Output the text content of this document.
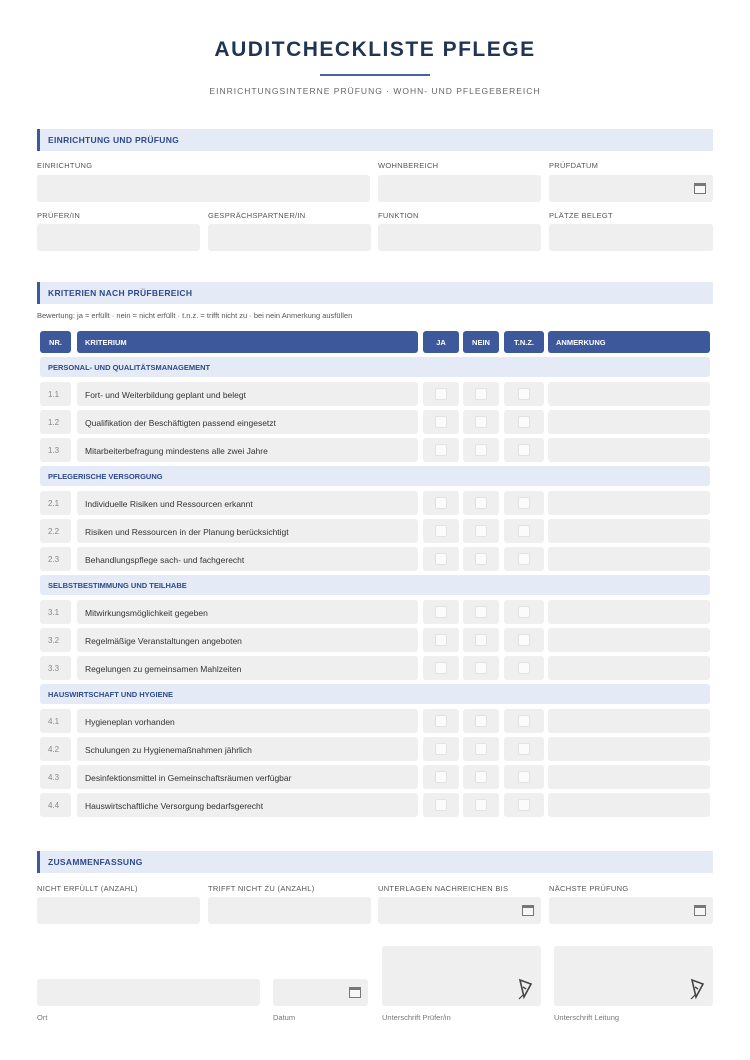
AUDITCHECKLISTE PFLEGE
EINRICHTUNGSINTERNE PRÜFUNG · WOHN- UND PFLEGEBEREICH
EINRICHTUNG UND PRÜFUNG
EINRICHTUNG	WOHNBEREICH	PRÜFDATUM
PRÜFER/IN	GESPRÄCHSPARTNER/IN	FUNKTION	PLÄTZE BELEGT
KRITERIEN NACH PRÜFBEREICH
Bewertung: ja = erfüllt · nein = nicht erfüllt · t.n.z. = trifft nicht zu · bei nein Anmerkung ausfüllen
NR.	KRITERIUM	JA	NEIN	T.N.Z.	ANMERKUNG
PERSONAL- UND QUALITÄTSMANAGEMENT
1.1	Fort- und Weiterbildung geplant und belegt
1.2	Qualifikation der Beschäftigten passend eingesetzt
1.3	Mitarbeiterbefragung mindestens alle zwei Jahre
PFLEGERISCHE VERSORGUNG
2.1	Individuelle Risiken und Ressourcen erkannt
2.2	Risiken und Ressourcen in der Planung berücksichtigt
2.3	Behandlungspflege sach- und fachgerecht
SELBSTBESTIMMUNG UND TEILHABE
3.1	Mitwirkungsmöglichkeit gegeben
3.2	Regelmäßige Veranstaltungen angeboten
3.3	Regelungen zu gemeinsamen Mahlzeiten
HAUSWIRTSCHAFT UND HYGIENE
4.1	Hygieneplan vorhanden
4.2	Schulungen zu Hygienemaßnahmen jährlich
4.3	Desinfektionsmittel in Gemeinschaftsräumen verfügbar
4.4	Hauswirtschaftliche Versorgung bedarfsgerecht
ZUSAMMENFASSUNG
NICHT ERFÜLLT (ANZAHL)	TRIFFT NICHT ZU (ANZAHL)	UNTERLAGEN NACHREICHEN BIS	NÄCHSTE PRÜFUNG
Ort	Datum	Unterschrift Prüfer/in	Unterschrift Leitung
